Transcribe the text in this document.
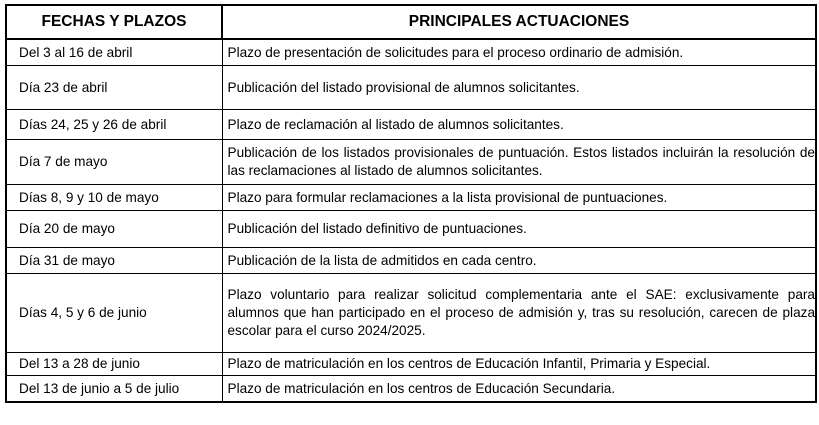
FECHAS Y PLAZOS	PRINCIPALES ACTUACIONES
Del 3 al 16 de abril	Plazo de presentación de solicitudes para el proceso ordinario de admisión.
Día 23 de abril	Publicación del listado provisional de alumnos solicitantes.
Días 24, 25 y 26 de abril	Plazo de reclamación al listado de alumnos solicitantes.
Día 7 de mayo	Publicación de los listados provisionales de puntuación. Estos listados incluirán la resolución de las reclamaciones al listado de alumnos solicitantes.
Días 8, 9 y 10 de mayo	Plazo para formular reclamaciones a la lista provisional de puntuaciones.
Día 20 de mayo	Publicación del listado definitivo de puntuaciones.
Día 31 de mayo	Publicación de la lista de admitidos en cada centro.
Días 4, 5 y 6 de junio	Plazo voluntario para realizar solicitud complementaria ante el SAE: exclusivamente para alumnos que han participado en el proceso de admisión y, tras su resolución, carecen de plaza escolar para el curso 2024/2025.
Del 13 a 28 de junio	Plazo de matriculación en los centros de Educación Infantil, Primaria y Especial.
Del 13 de junio a 5 de julio	Plazo de matriculación en los centros de Educación Secundaria.
